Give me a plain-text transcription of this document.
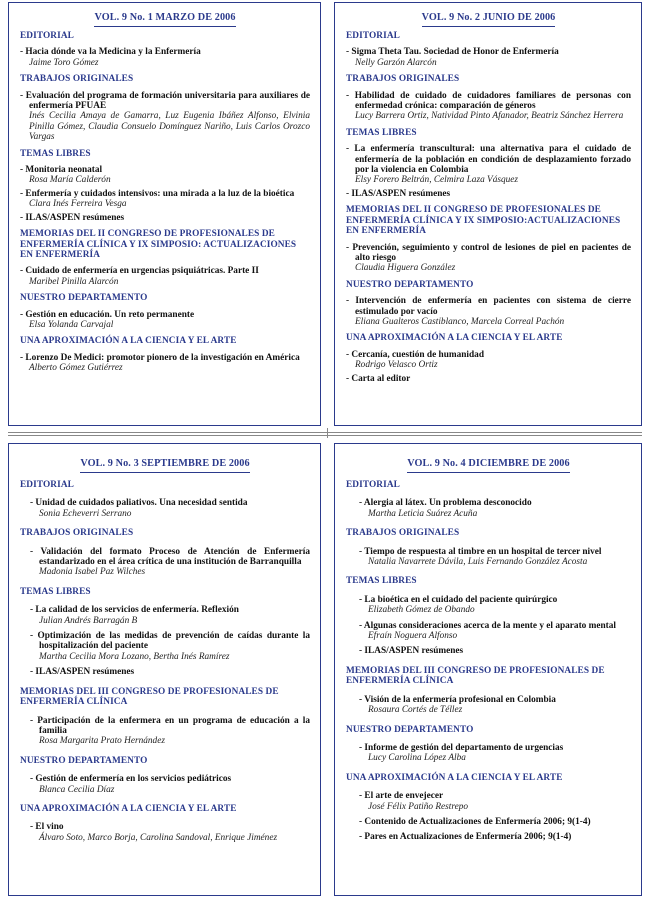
VOL. 9 No. 1 MARZO DE 2006
EDITORIAL
- Hacia dónde va la Medicina y la Enfermería
Jaime Toro Gómez
TRABAJOS ORIGINALES
- Evaluación del programa de formación universitaria para auxiliares de enfermería PFUAE
Inés Cecilia Amaya de Gamarra, Luz Eugenia Ibáñez Alfonso, Elvinia Pinilla Gómez, Claudia Consuelo Domínguez Nariño, Luis Carlos Orozco Vargas
TEMAS LIBRES
- Monitoria neonatal
Rosa María Calderón
- Enfermería y cuidados intensivos: una mirada a la luz de la bioética
Clara Inés Ferreira Vesga
- ILAS/ASPEN resúmenes
MEMORIAS DEL II CONGRESO DE PROFESIONALES DE ENFERMERÍA CLÍNICA Y IX SIMPOSIO: ACTUALIZACIONES EN ENFERMERÍA
- Cuidado de enfermería en urgencias psiquiátricas. Parte II
Maribel Pinilla Alarcón
NUESTRO DEPARTAMENTO
- Gestión en educación. Un reto permanente
Elsa Yolanda Carvajal
UNA APROXIMACIÓN A LA CIENCIA Y EL ARTE
- Lorenzo De Medici: promotor pionero de la investigación en América
Alberto Gómez Gutiérrez
VOL. 9 No. 2 JUNIO DE 2006
EDITORIAL
- Sigma Theta Tau. Sociedad de Honor de Enfermería
Nelly Garzón Alarcón
TRABAJOS ORIGINALES
- Habilidad de cuidado de cuidadores familiares de personas con enfermedad crónica: comparación de géneros
Lucy Barrera Ortiz, Natividad Pinto Afanador, Beatriz Sánchez Herrera
TEMAS LIBRES
- La enfermería transcultural: una alternativa para el cuidado de enfermería de la población en condición de desplazamiento forzado por la violencia en Colombia
Elsy Forero Beltrán, Celmira Laza Vásquez
- ILAS/ASPEN resúmenes
MEMORIAS DEL II CONGRESO DE PROFESIONALES DE ENFERMERÍA CLÍNICA Y IX SIMPOSIO:ACTUALIZACIONES EN ENFERMERÍA
- Prevención, seguimiento y control de lesiones de piel en pacientes de alto riesgo
Claudia Higuera González
NUESTRO DEPARTAMENTO
- Intervención de enfermería en pacientes con sistema de cierre estimulado por vacío
Eliana Gualteros Castiblanco, Marcela Correal Pachón
UNA APROXIMACIÓN A LA CIENCIA Y EL ARTE
- Cercanía, cuestión de humanidad
Rodrigo Velasco Ortiz
- Carta al editor
VOL. 9 No. 3 SEPTIEMBRE DE 2006
EDITORIAL
- Unidad de cuidados paliativos. Una necesidad sentida
Sonia Echeverri Serrano
TRABAJOS ORIGINALES
- Validación del formato Proceso de Atención de Enfermería estandarizado en el área crítica de una institución de Barranquilla
Madonia Isabel Paz Wilches
TEMAS LIBRES
- La calidad de los servicios de enfermería. Reflexión
Julian Andrés Barragán B
- Optimización de las medidas de prevención de caídas durante la hospitalización del paciente
Martha Cecilia Mora Lozano, Bertha Inés Ramírez
- ILAS/ASPEN resúmenes
MEMORIAS DEL III CONGRESO DE PROFESIONALES DE ENFERMERÍA CLÍNICA
- Participación de la enfermera en un programa de educación a la familia
Rosa Margarita Prato Hernández
NUESTRO DEPARTAMENTO
- Gestión de enfermería en los servicios pediátricos
Blanca Cecilia Díaz
UNA APROXIMACIÓN A LA CIENCIA Y EL ARTE
- El vino
Álvaro Soto, Marco Borja, Carolina Sandoval, Enrique Jiménez
VOL. 9 No. 4 DICIEMBRE DE 2006
EDITORIAL
- Alergia al látex. Un problema desconocido
Martha Leticia Suárez Acuña
TRABAJOS ORIGINALES
- Tiempo de respuesta al timbre en un hospital de tercer nivel
Natalia Navarrete Dávila, Luis Fernando González Acosta
TEMAS LIBRES
- La bioética en el cuidado del paciente quirúrgico
Elizabeth Gómez de Obando
- Algunas consideraciones acerca de la mente y el aparato mental
Efraín Noguera Alfonso
- ILAS/ASPEN resúmenes
MEMORIAS DEL III CONGRESO DE PROFESIONALES DE ENFERMERÍA CLÍNICA
- Visión de la enfermería profesional en Colombia
Rosaura Cortés de Téllez
NUESTRO DEPARTAMENTO
- Informe de gestión del departamento de urgencias
Lucy Carolina López Alba
UNA APROXIMACIÓN A LA CIENCIA Y EL ARTE
- El arte de envejecer
José Félix Patiño Restrepo
- Contenido de Actualizaciones de Enfermería 2006; 9(1-4)
- Pares en Actualizaciones de Enfermería 2006; 9(1-4)
